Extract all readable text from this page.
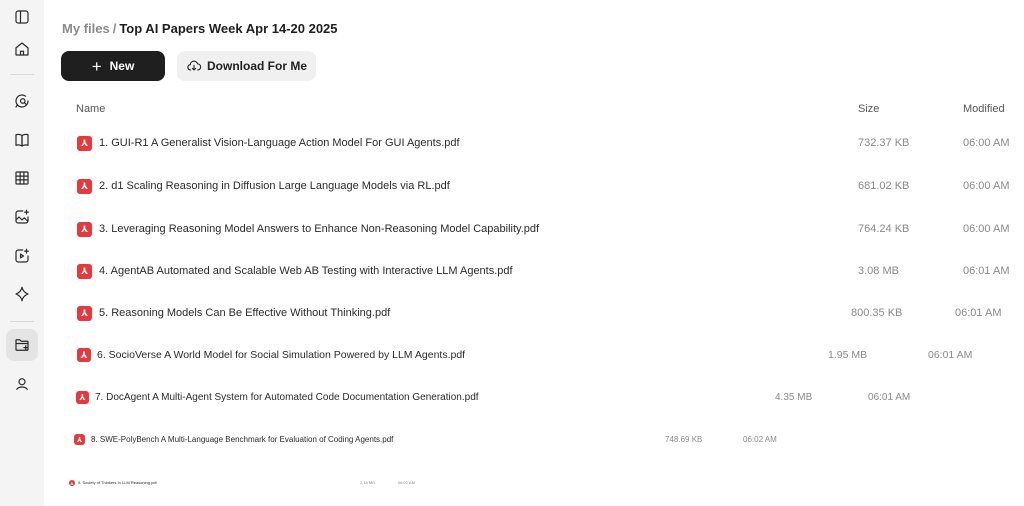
My files / Top AI Papers Week Apr 14-20 2025
+ New	Download For Me
Name	Size	Modified
⅄	1. GUI-R1 A Generalist Vision-Language Action Model For GUI Agents.pdf	732.37 KB	06:00 AM
⅄	2. d1 Scaling Reasoning in Diffusion Large Language Models via RL.pdf	681.02 KB	06:00 AM
⅄	3. Leveraging Reasoning Model Answers to Enhance Non-Reasoning Model Capability.pdf	764.24 KB	06:00 AM
⅄	4. AgentAB Automated and Scalable Web AB Testing with Interactive LLM Agents.pdf	3.08 MB	06:01 AM
⅄	5. Reasoning Models Can Be Effective Without Thinking.pdf	800.35 KB	06:01 AM
⅄ 6. SocioVerse A World Model for Social Simulation Powered by LLM Agents.pdf	1.95 MB	06:01 AM
⅄ 7. DocAgent A Multi-Agent System for Automated Code Documentation Generation.pdf	4.35 MB	06:01 AM
⅄	8. SWE-PolyBench A Multi-Language Benchmark for Evaluation of Coding Agents.pdf	748.69 KB	06:02 AM
⅄	9. Society of Thinkers In LLM Reasoning.pdf	2.18 MB	06:02 AM
